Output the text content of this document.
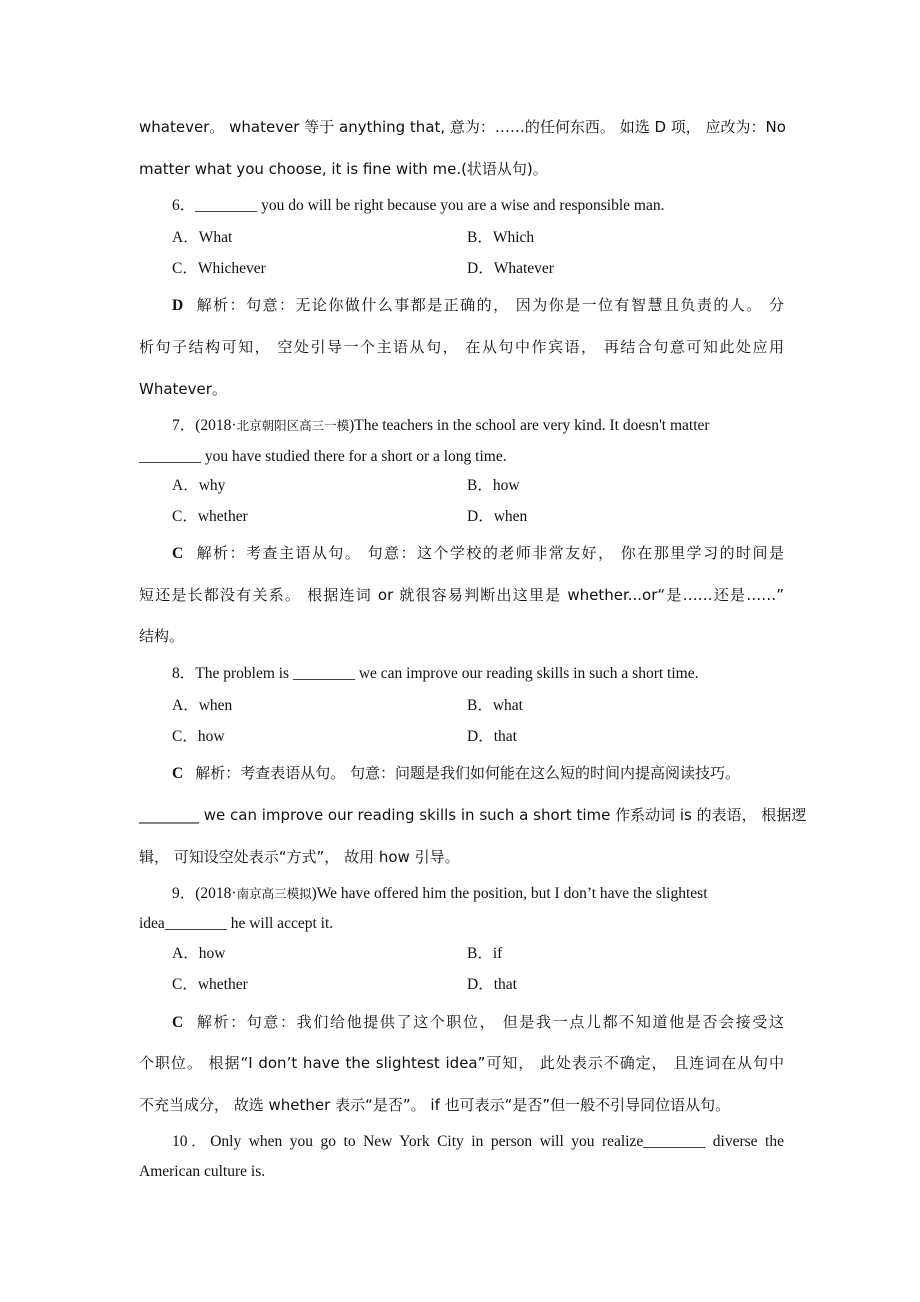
whatever。 whatever 等于 anything that, 意为：……的任何东西。 如选 D 项， 应改为：No
matter what you choose, it is fine with me.(状语从句)。
6．________ you do will be right because you are a wise and responsible man.
A．What	B．Which
C．Whichever	D．Whatever
D 解析：句意：无论你做什么事都是正确的， 因为你是一位有智慧且负责的人。 分
析句子结构可知， 空处引导一个主语从句， 在从句中作宾语， 再结合句意可知此处应用
Whatever。
7．(2018·北京朝阳区高三一模)The teachers in the school are very kind. It doesn't matter
________ you have studied there for a short or a long time.
A．why	B．how
C．whether	D．when
C 解析：考查主语从句。 句意：这个学校的老师非常友好， 你在那里学习的时间是
短还是长都没有关系。 根据连词 or 就很容易判断出这里是 whether...or“是……还是……”
结构。
8．The problem is ________ we can improve our reading skills in such a short time.
A．when	B．what
C．how	D．that
C 解析：考查表语从句。 句意：问题是我们如何能在这么短的时间内提高阅读技巧。
________ we can improve our reading skills in such a short time 作系动词 is 的表语， 根据逻
辑， 可知设空处表示“方式”， 故用 how 引导。
9．(2018·南京高三模拟)We have offered him the position, but I don’t have the slightest
idea________ he will accept it.
A．how	B．if
C．whether	D．that
C 解析：句意：我们给他提供了这个职位， 但是我一点儿都不知道他是否会接受这
个职位。 根据“I don’t have the slightest idea”可知， 此处表示不确定， 且连词在从句中
不充当成分， 故选 whether 表示“是否”。 if 也可表示“是否”但一般不引导同位语从句。
10．Only when you go to New York City in person will you realize________ diverse the
American culture is.
